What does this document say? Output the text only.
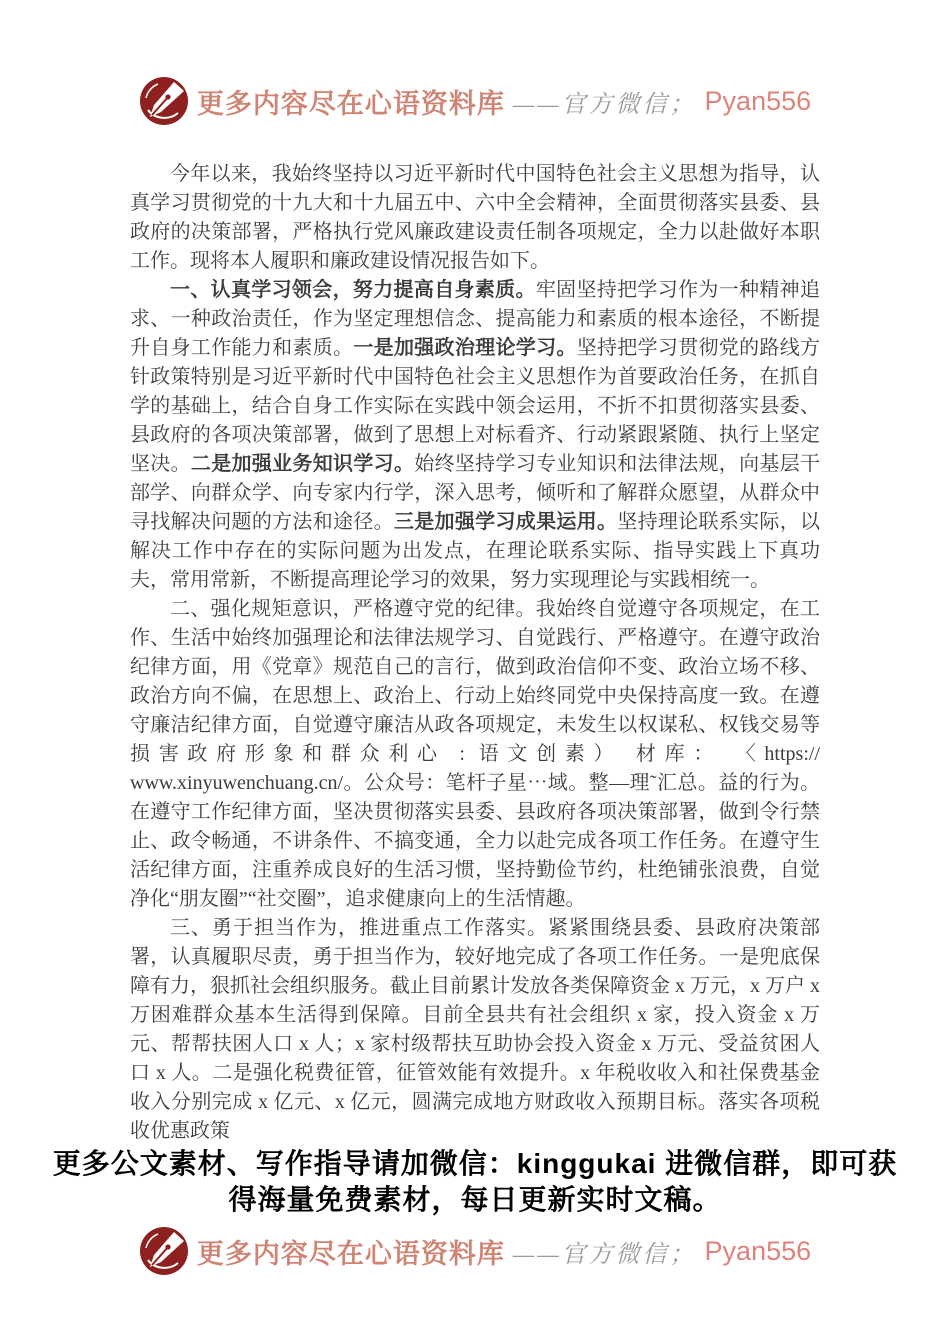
更多内容尽在心语资料库 ——官方微信； Pyan556

今年以来，我始终坚持以习近平新时代中国特色社会主义思想为指导，认真学习贯彻党的十九大和十九届五中、六中全会精神，全面贯彻落实县委、县政府的决策部署，严格执行党风廉政建设责任制各项规定，全力以赴做好本职工作。现将本人履职和廉政建设情况报告如下。

一、认真学习领会，努力提高自身素质。牢固坚持把学习作为一种精神追求、一种政治责任，作为坚定理想信念、提高能力和素质的根本途径，不断提升自身工作能力和素质。一是加强政治理论学习。坚持把学习贯彻党的路线方针政策特别是习近平新时代中国特色社会主义思想作为首要政治任务，在抓自学的基础上，结合自身工作实际在实践中领会运用，不折不扣贯彻落实县委、县政府的各项决策部署，做到了思想上对标看齐、行动紧跟紧随、执行上坚定坚决。二是加强业务知识学习。始终坚持学习专业知识和法律法规，向基层干部学、向群众学、向专家内行学，深入思考，倾听和了解群众愿望，从群众中寻找解决问题的方法和途径。三是加强学习成果运用。坚持理论联系实际，以解决工作中存在的实际问题为出发点，在理论联系实际、指导实践上下真功夫，常用常新，不断提高理论学习的效果，努力实现理论与实践相统一。

二、强化规矩意识，严格遵守党的纪律。我始终自觉遵守各项规定，在工作、生活中始终加强理论和法律法规学习、自觉践行、严格遵守。在遵守政治纪律方面，用《党章》规范自己的言行，做到政治信仰不变、政治立场不移、政治方向不偏，在思想上、政治上、行动上始终同党中央保持高度一致。在遵守廉洁纪律方面，自觉遵守廉洁从政各项规定，未发生以权谋私、权钱交易等损害政府形象和群众利心 : 语文创素） 材库： 〈https://​www.xinyuwenchuang.cn/。公众号：笔杆子星⋯域。整—理˜汇总。益的行为。在遵守工作纪律方面，坚决贯彻落实县委、县政府各项决策部署，做到令行禁止、政令畅通，不讲条件、不搞变通，全力以赴完成各项工作任务。在遵守生活纪律方面，注重养成良好的生活习惯，坚持勤俭节约，杜绝铺张浪费，自觉净化“朋友圈”“社交圈”，追求健康向上的生活情趣。

三、勇于担当作为，推进重点工作落实。紧紧围绕县委、县政府决策部署，认真履职尽责，勇于担当作为，较好地完成了各项工作任务。一是兜底保障有力，狠抓社会组织服务。截止目前累计发放各类保障资金 x 万元，x 万户 x 万困难群众基本生活得到保障。目前全县共有社会组织 x 家，投入资金 x 万元、帮帮扶困人口 x 人；x 家村级帮扶互助协会投入资金 x 万元、受益贫困人口 x 人。二是强化税费征管，征管效能有效提升。x 年税收收入和社保费基金收入分别完成 x 亿元、x 亿元，圆满完成地方财政收入预期目标。落实各项税收优惠政策

更多公文素材、写作指导请加微信：kinggukai 进微信群，即可获得海量免费素材，每日更新实时文稿。
更多内容尽在心语资料库 ——官方微信； Pyan556
